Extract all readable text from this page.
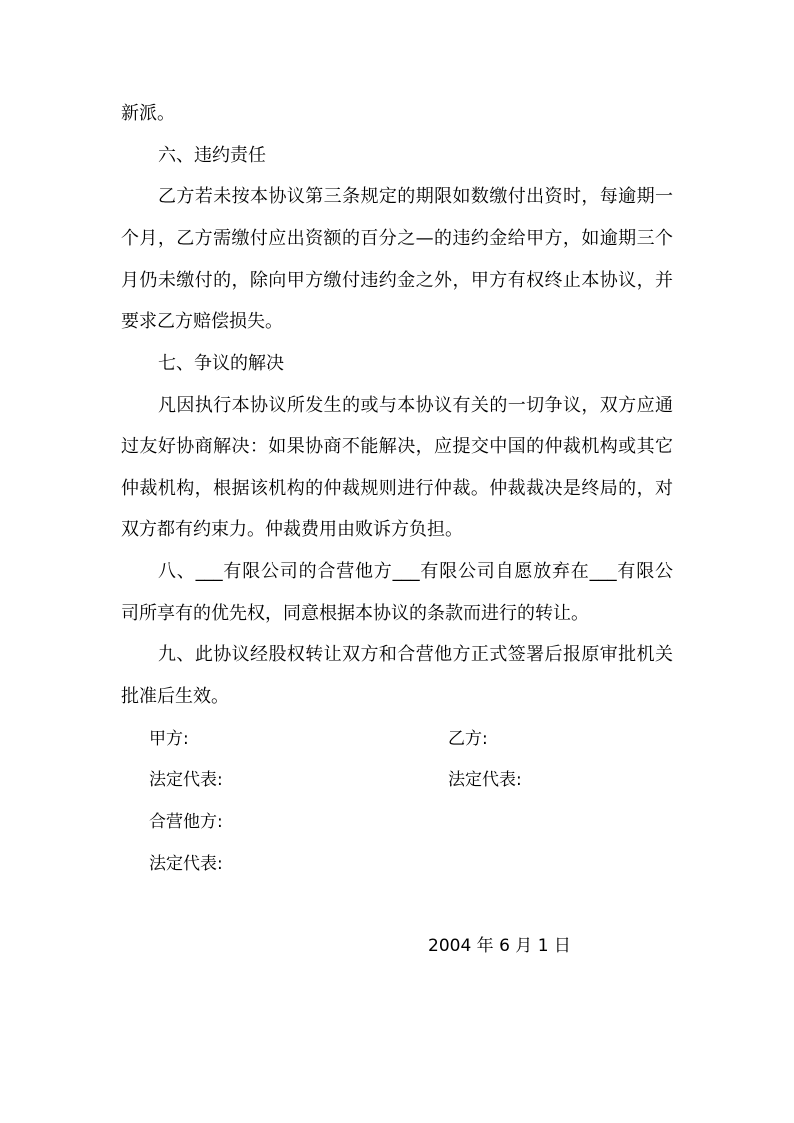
新派。
六、违约责任
乙方若未按本协议第三条规定的期限如数缴付出资时，每逾期一
个月，乙方需缴付应出资额的百分之—的违约金给甲方，如逾期三个
月仍未缴付的，除向甲方缴付违约金之外，甲方有权终止本协议，并
要求乙方赔偿损失。
七、争议的解决
凡因执行本协议所发生的或与本协议有关的一切争议，双方应通
过友好协商解决：如果协商不能解决，应提交中国的仲裁机构或其它
仲裁机构，根据该机构的仲裁规则进行仲裁。仲裁裁决是终局的，对
双方都有约束力。仲裁费用由败诉方负担。
八、___有限公司的合营他方___有限公司自愿放弃在___有限公
司所享有的优先权，同意根据本协议的条款而进行的转让。
九、此协议经股权转让双方和合营他方正式签署后报原审批机关
批准后生效。
甲方:	乙方:
法定代表:	法定代表:
合营他方:
法定代表:
2004 年 6 月 1 日
